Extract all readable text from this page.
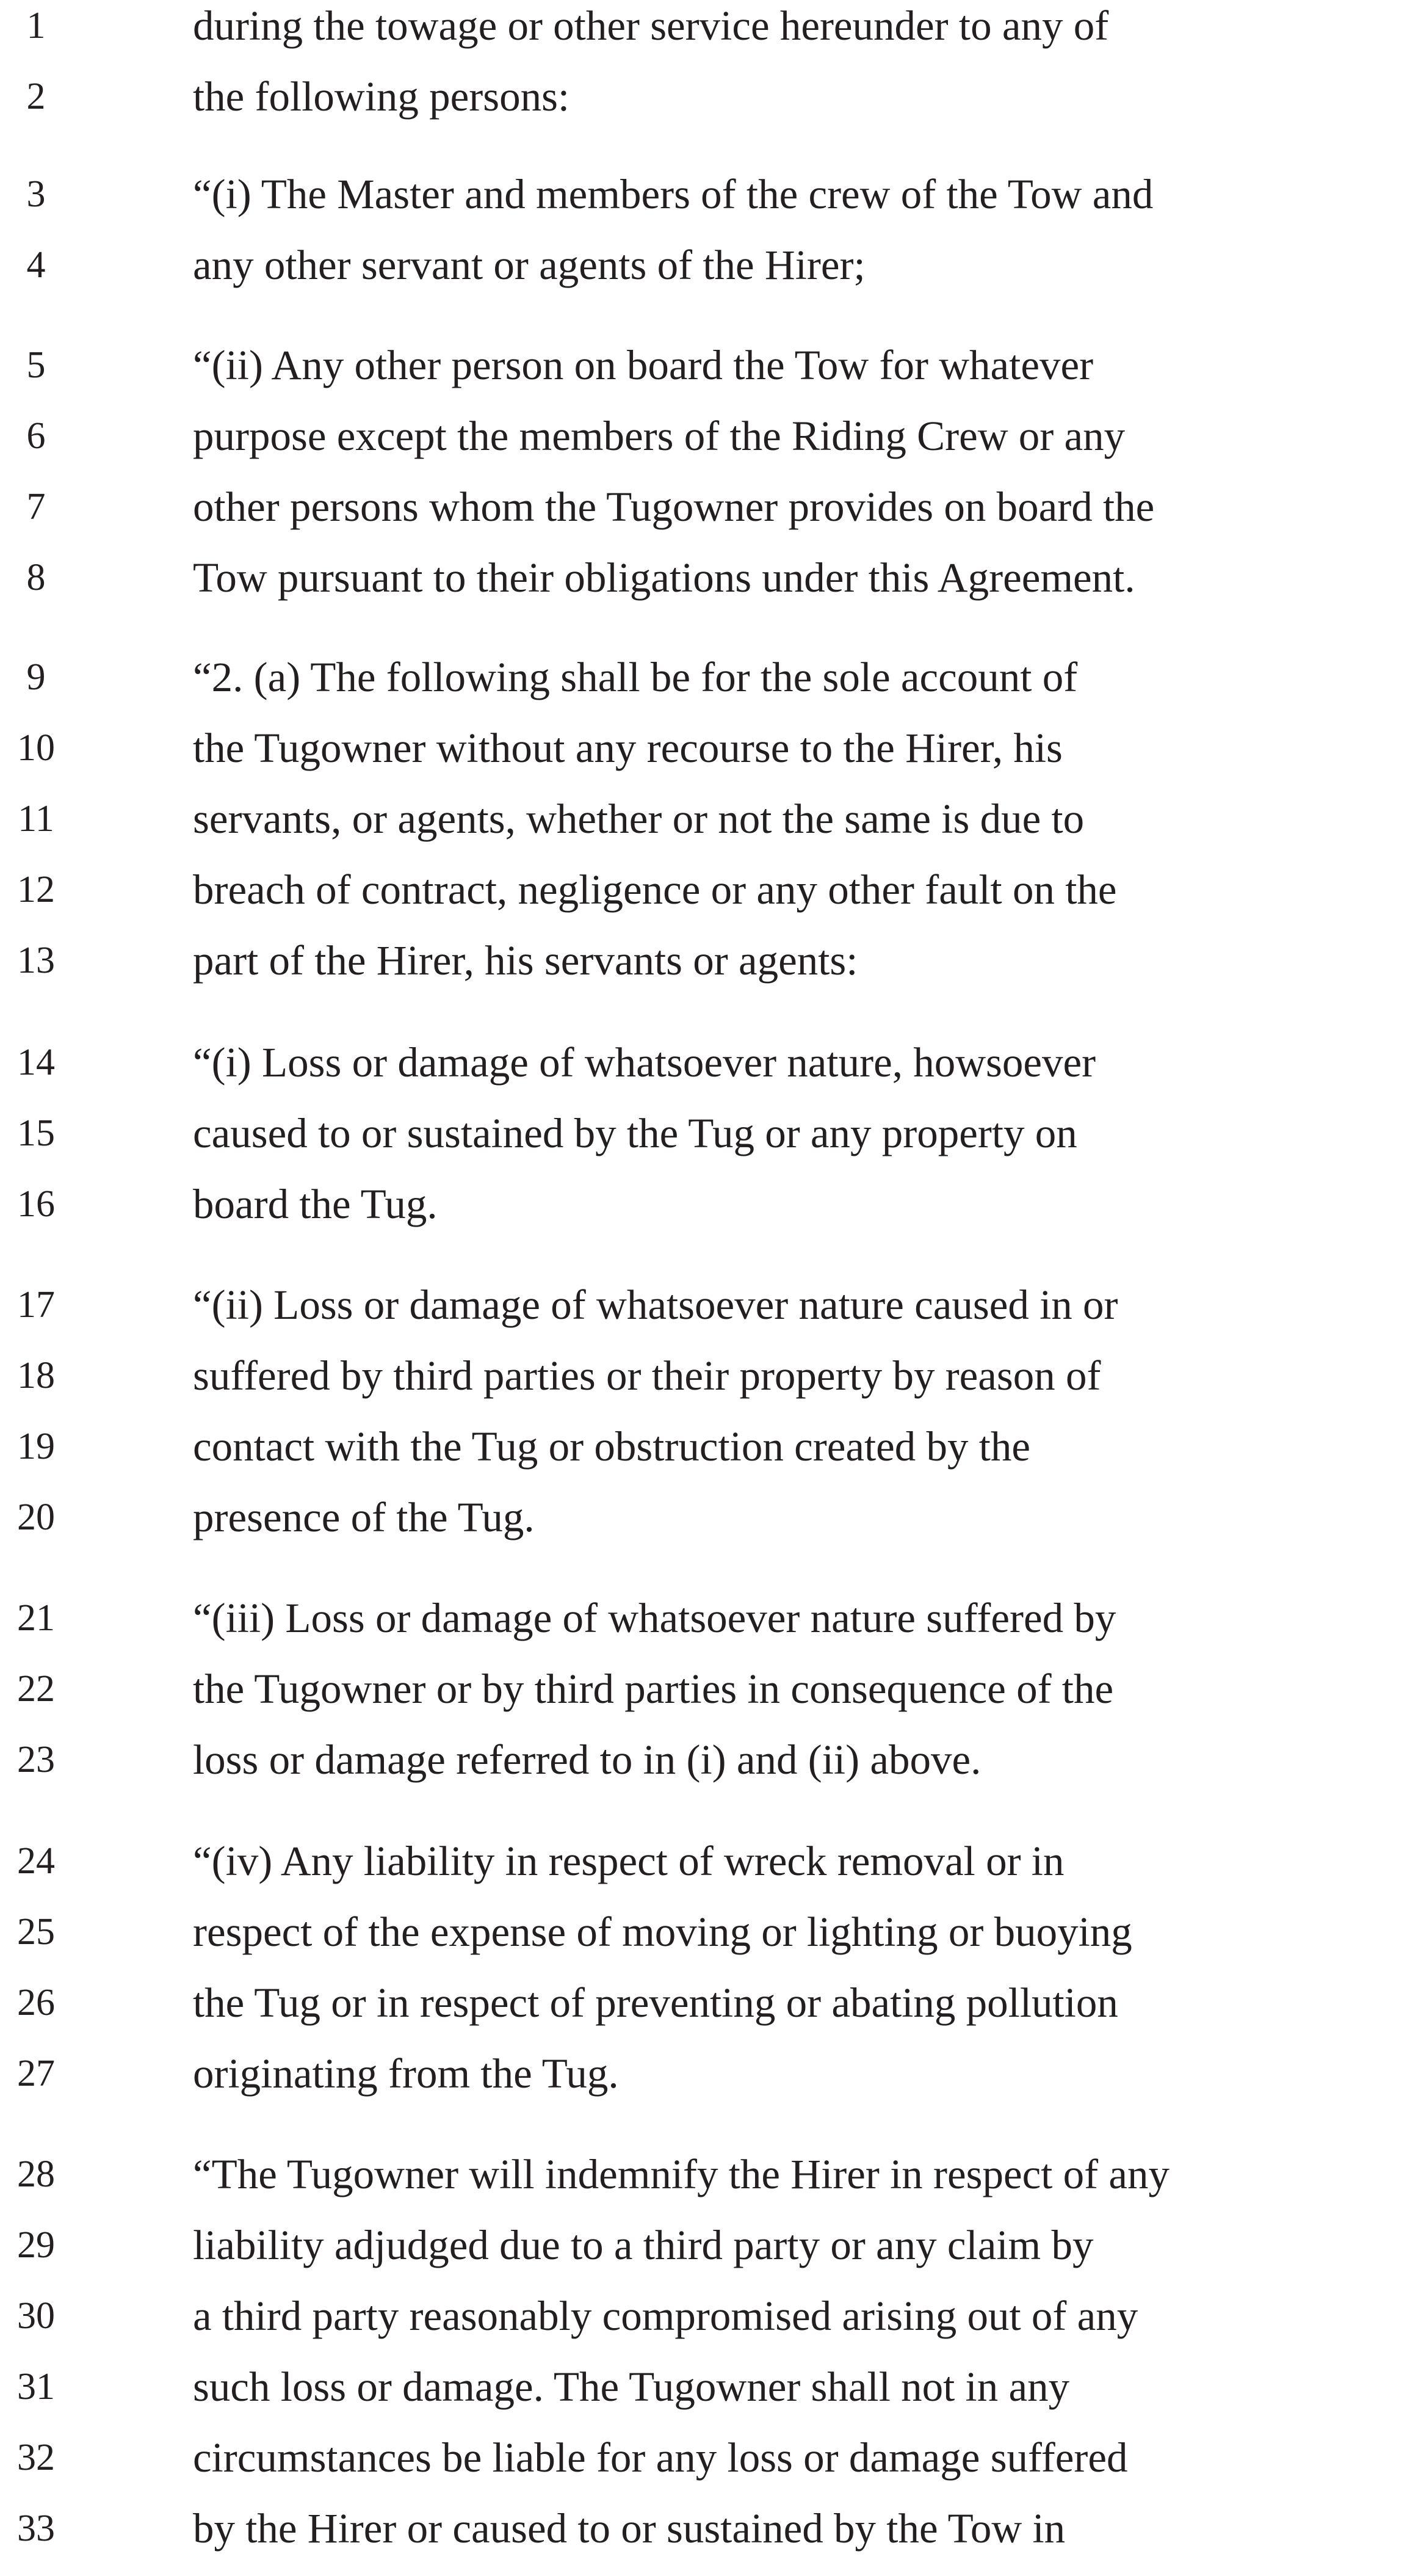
1	during the towage or other service hereunder to any of
2	the following persons:
3	“(i) The Master and members of the crew of the Tow and
4	any other servant or agents of the Hirer;
5	“(ii) Any other person on board the Tow for whatever
6	purpose except the members of the Riding Crew or any
7	other persons whom the Tugowner provides on board the
8	Tow pursuant to their obligations under this Agreement.
9	“2. (a) The following shall be for the sole account of
10	the Tugowner without any recourse to the Hirer, his
11	servants, or agents, whether or not the same is due to
12	breach of contract, negligence or any other fault on the
13	part of the Hirer, his servants or agents:
14	“(i) Loss or damage of whatsoever nature, howsoever
15	caused to or sustained by the Tug or any property on
16	board the Tug.
17	“(ii) Loss or damage of whatsoever nature caused in or
18	suffered by third parties or their property by reason of
19	contact with the Tug or obstruction created by the
20	presence of the Tug.
21	“(iii) Loss or damage of whatsoever nature suffered by
22	the Tugowner or by third parties in consequence of the
23	loss or damage referred to in (i) and (ii) above.
24	“(iv) Any liability in respect of wreck removal or in
25	respect of the expense of moving or lighting or buoying
26	the Tug or in respect of preventing or abating pollution
27	originating from the Tug.
28	“The Tugowner will indemnify the Hirer in respect of any
29	liability adjudged due to a third party or any claim by
30	a third party reasonably compromised arising out of any
31	such loss or damage. The Tugowner shall not in any
32	circumstances be liable for any loss or damage suffered
33	by the Hirer or caused to or sustained by the Tow in
